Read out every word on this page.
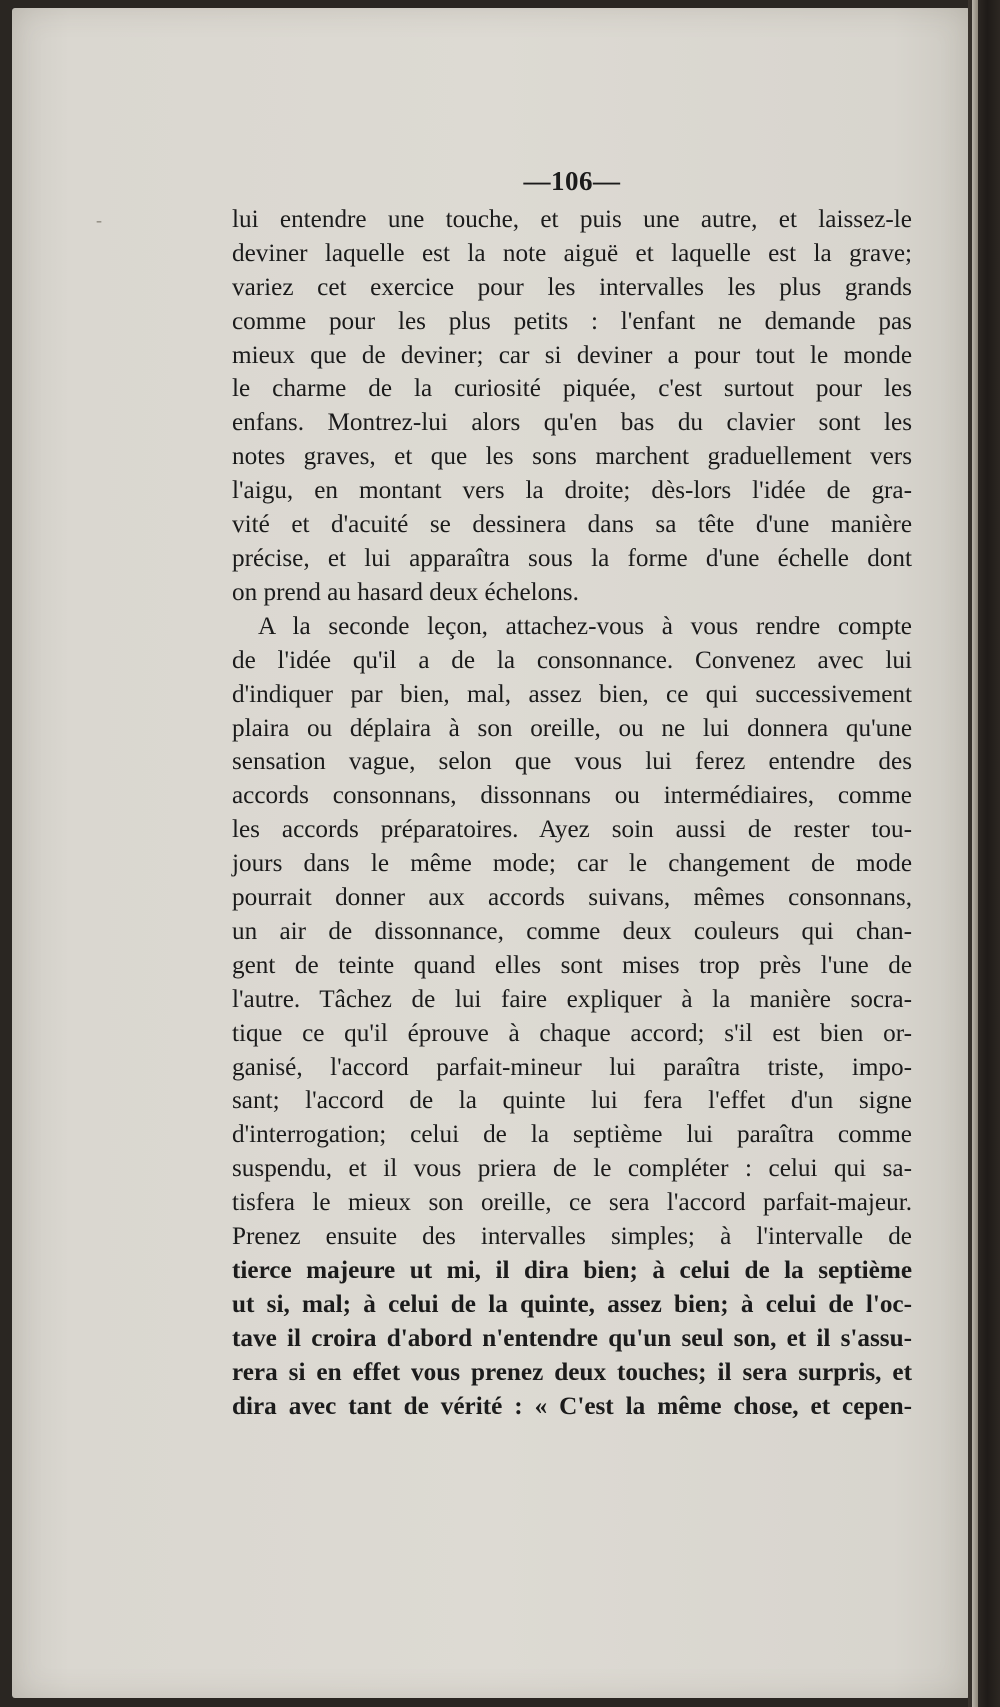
-
—106—
lui entendre une touche, et puis une autre, et laissez-le
deviner laquelle est la note aiguë et laquelle est la grave;
variez cet exercice pour les intervalles les plus grands
comme pour les plus petits : l'enfant ne demande pas
mieux que de deviner; car si deviner a pour tout le monde
le charme de la curiosité piquée, c'est surtout pour les
enfans. Montrez-lui alors qu'en bas du clavier sont les
notes graves, et que les sons marchent graduellement vers
l'aigu, en montant vers la droite; dès-lors l'idée de gra-
vité et d'acuité se dessinera dans sa tête d'une manière
précise, et lui apparaîtra sous la forme d'une échelle dont
on prend au hasard deux échelons.
A la seconde leçon, attachez-vous à vous rendre compte
de l'idée qu'il a de la consonnance. Convenez avec lui
d'indiquer par bien, mal, assez bien, ce qui successivement
plaira ou déplaira à son oreille, ou ne lui donnera qu'une
sensation vague, selon que vous lui ferez entendre des
accords consonnans, dissonnans ou intermédiaires, comme
les accords préparatoires. Ayez soin aussi de rester tou-
jours dans le même mode; car le changement de mode
pourrait donner aux accords suivans, mêmes consonnans,
un air de dissonnance, comme deux couleurs qui chan-
gent de teinte quand elles sont mises trop près l'une de
l'autre. Tâchez de lui faire expliquer à la manière socra-
tique ce qu'il éprouve à chaque accord; s'il est bien or-
ganisé, l'accord parfait-mineur lui paraîtra triste, impo-
sant; l'accord de la quinte lui fera l'effet d'un signe
d'interrogation; celui de la septième lui paraîtra comme
suspendu, et il vous priera de le compléter : celui qui sa-
tisfera le mieux son oreille, ce sera l'accord parfait-majeur.
Prenez ensuite des intervalles simples; à l'intervalle de
tierce majeure ut mi, il dira bien; à celui de la septième
ut si, mal; à celui de la quinte, assez bien; à celui de l'oc-
tave il croira d'abord n'entendre qu'un seul son, et il s'assu-
rera si en effet vous prenez deux touches; il sera surpris, et
dira avec tant de vérité : « C'est la même chose, et cepen-
